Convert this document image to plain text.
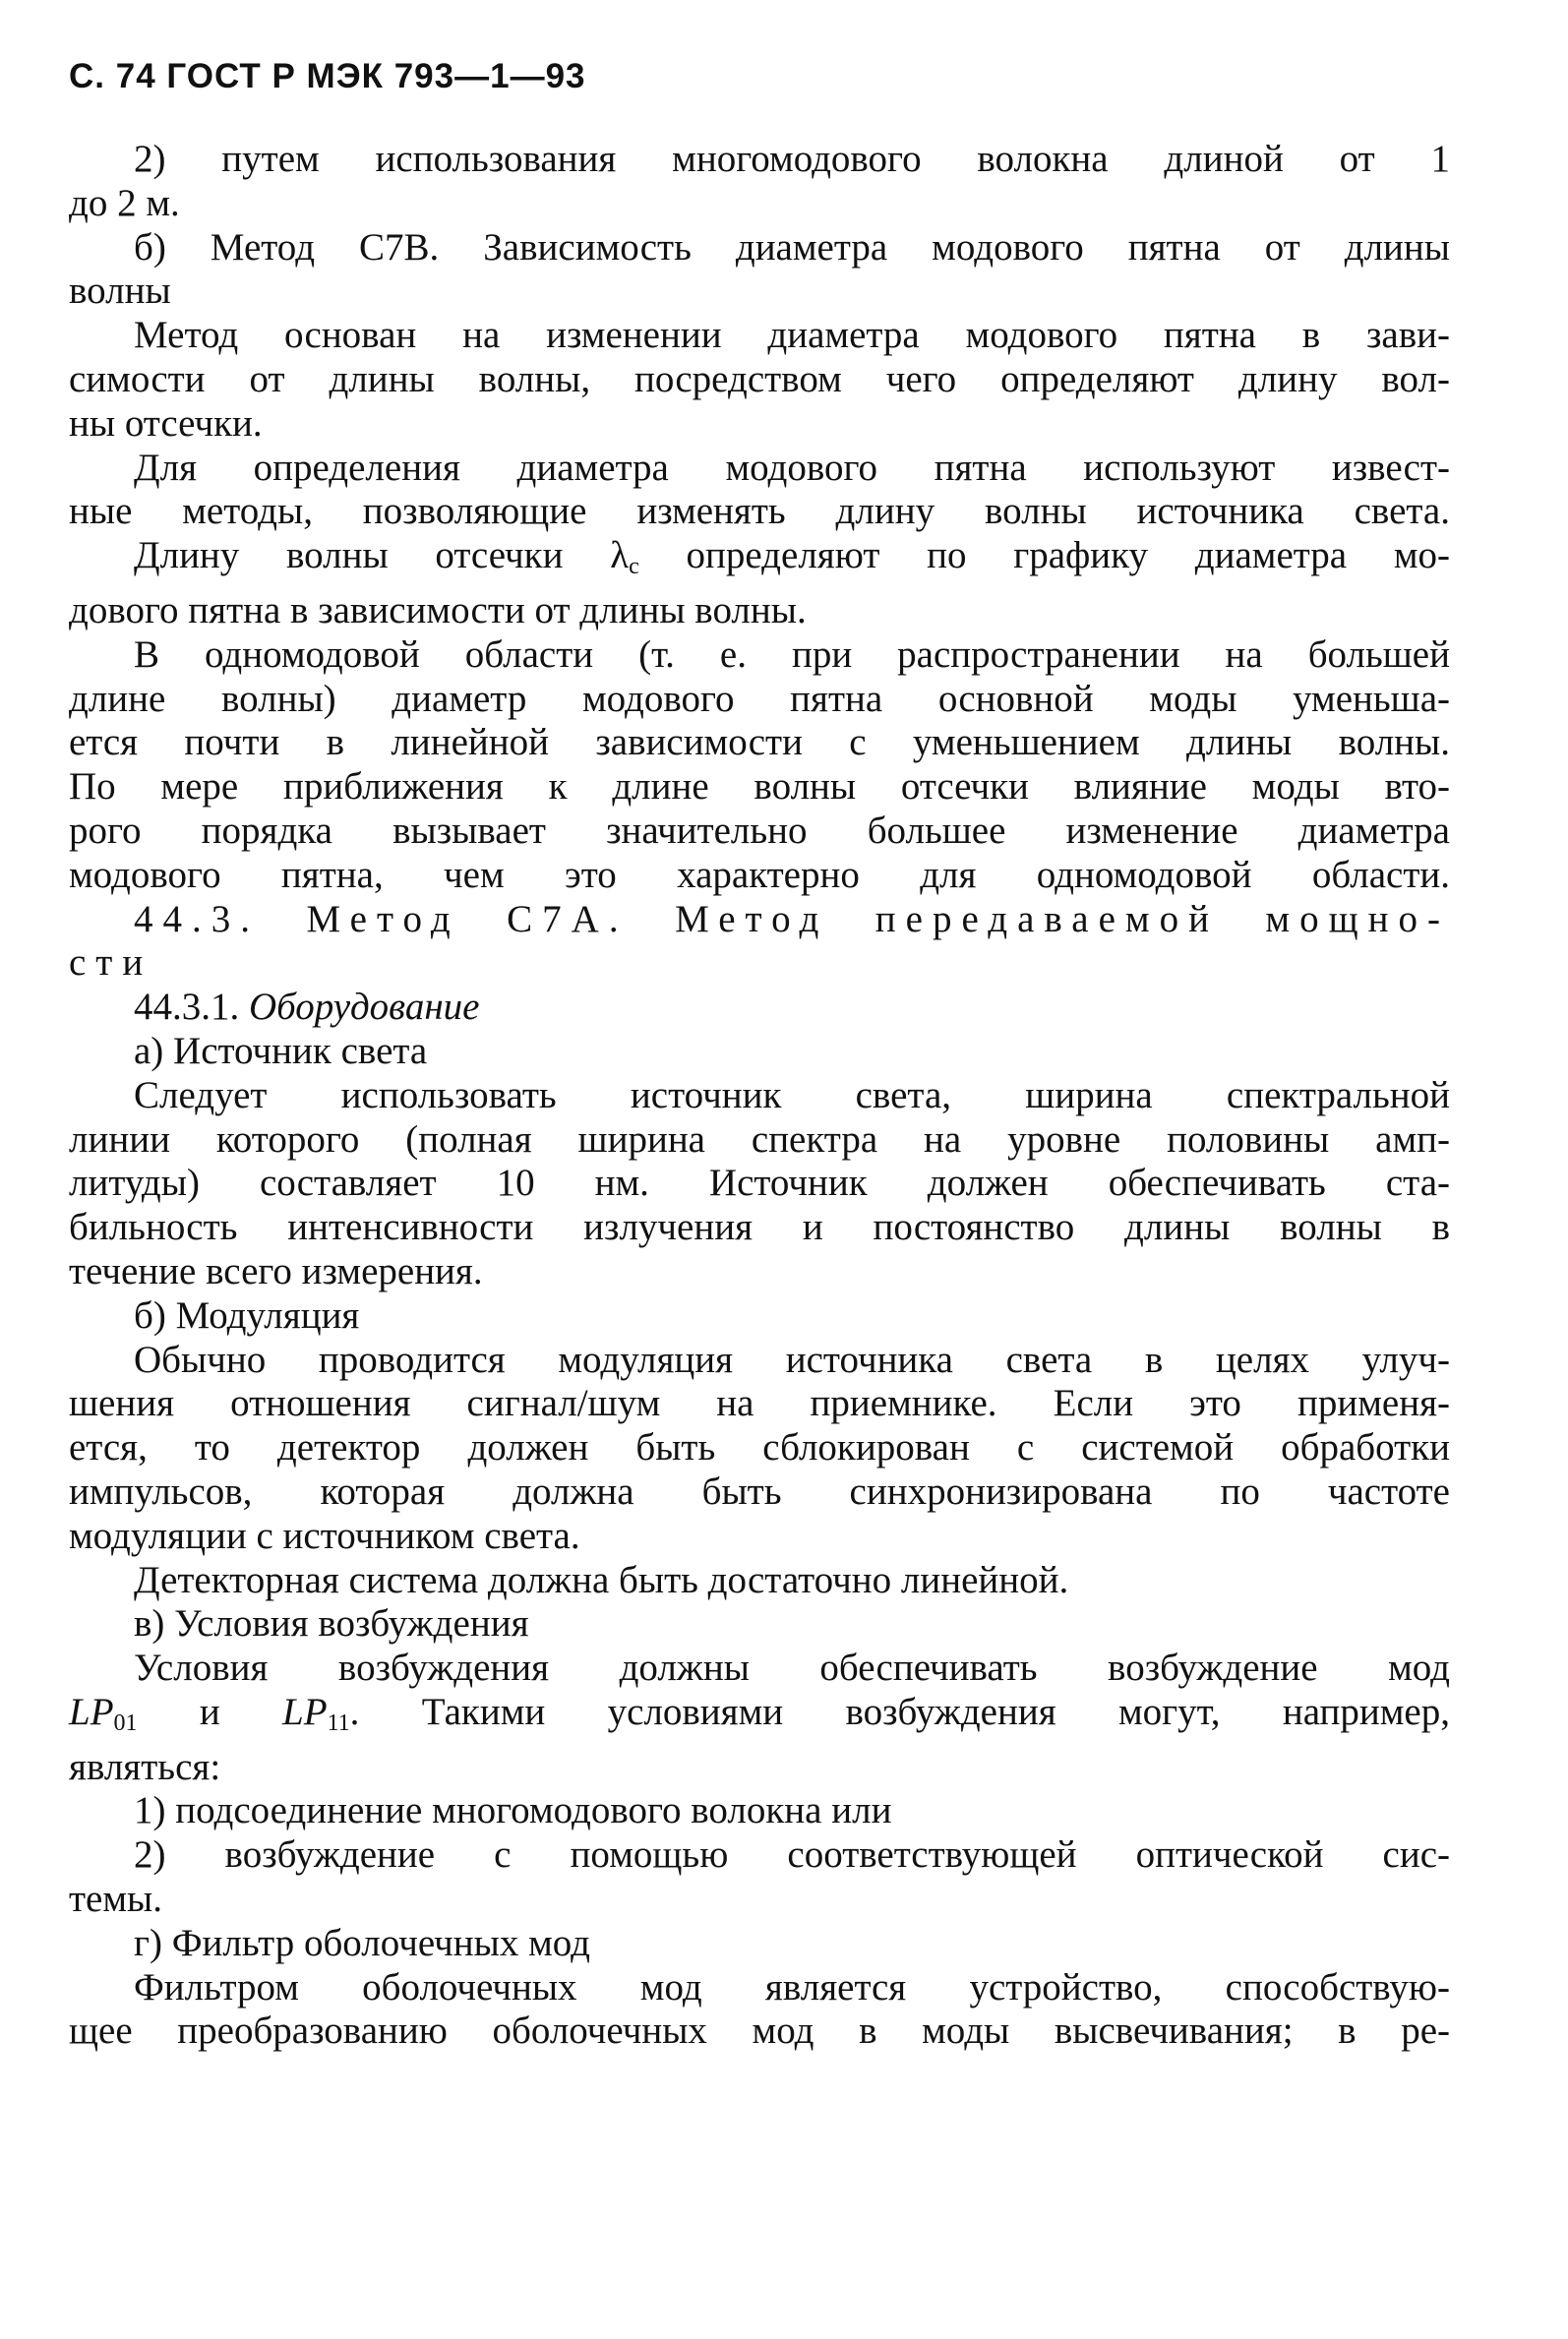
С. 74 ГОСТ Р МЭК 793—1—93

2) путем использования многомодового волокна длиной от 1

до 2 м.

б) Метод С7В. Зависимость диаметра модового пятна от длины

волны

Метод основан на изменении диаметра модового пятна в зави-

симости от длины волны, посредством чего определяют длину вол-
ны отсечки.

Для определения диаметра модового пятна используют извест-

ные методы, позволяющие изменять длину волны источника света.

Длину волны отсечки $\lambda_c$ определяют по графику диаметра мо-

дового пятна в зависимости от длины волны.

В одномодовой области (т. е. при распространении на большей

длине волны) диаметр модового пятна основной моды уменьша-
ется почти в линейной зависимости с уменьшением длины волны.
По мере приближения к длине волны отсечки влияние моды вто-
рого порядка вызывает значительно большее изменение диаметра
модового пятна, чем это характерно для одномодовой области.

44.3. Метод С7А. Метод передаваемой мощно-

сти

44.3.1. Оборудование

а) Источник света

Следует использовать источник света, ширина спектральной

линии которого (полная ширина спектра на уровне половины амп-
литуды) составляет 10 нм. Источник должен обеспечивать ста-
бильность интенсивности излучения и постоянство длины волны в
течение всего измерения.

б) Модуляция

Обычно проводится модуляция источника света в целях улуч-

шения отношения сигнал/шум на приемнике. Если это применя-
ется, то детектор должен быть сблокирован с системой обработки
импульсов, которая должна быть синхронизирована по частоте
модуляции с источником света.

Детекторная система должна быть достаточно линейной.

в) Условия возбуждения

Условия возбуждения должны обеспечивать возбуждение мод

$LP_{01}$ и $LP_{11}$. Такими условиями возбуждения могут, например,
являться:

1) подсоединение многомодового волокна или

2) возбуждение с помощью соответствующей оптической сис-

темы.

г) Фильтр оболочечных мод

Фильтром оболочечных мод является устройство, способствую-

щее преобразованию оболочечных мод в моды высвечивания; в ре-
